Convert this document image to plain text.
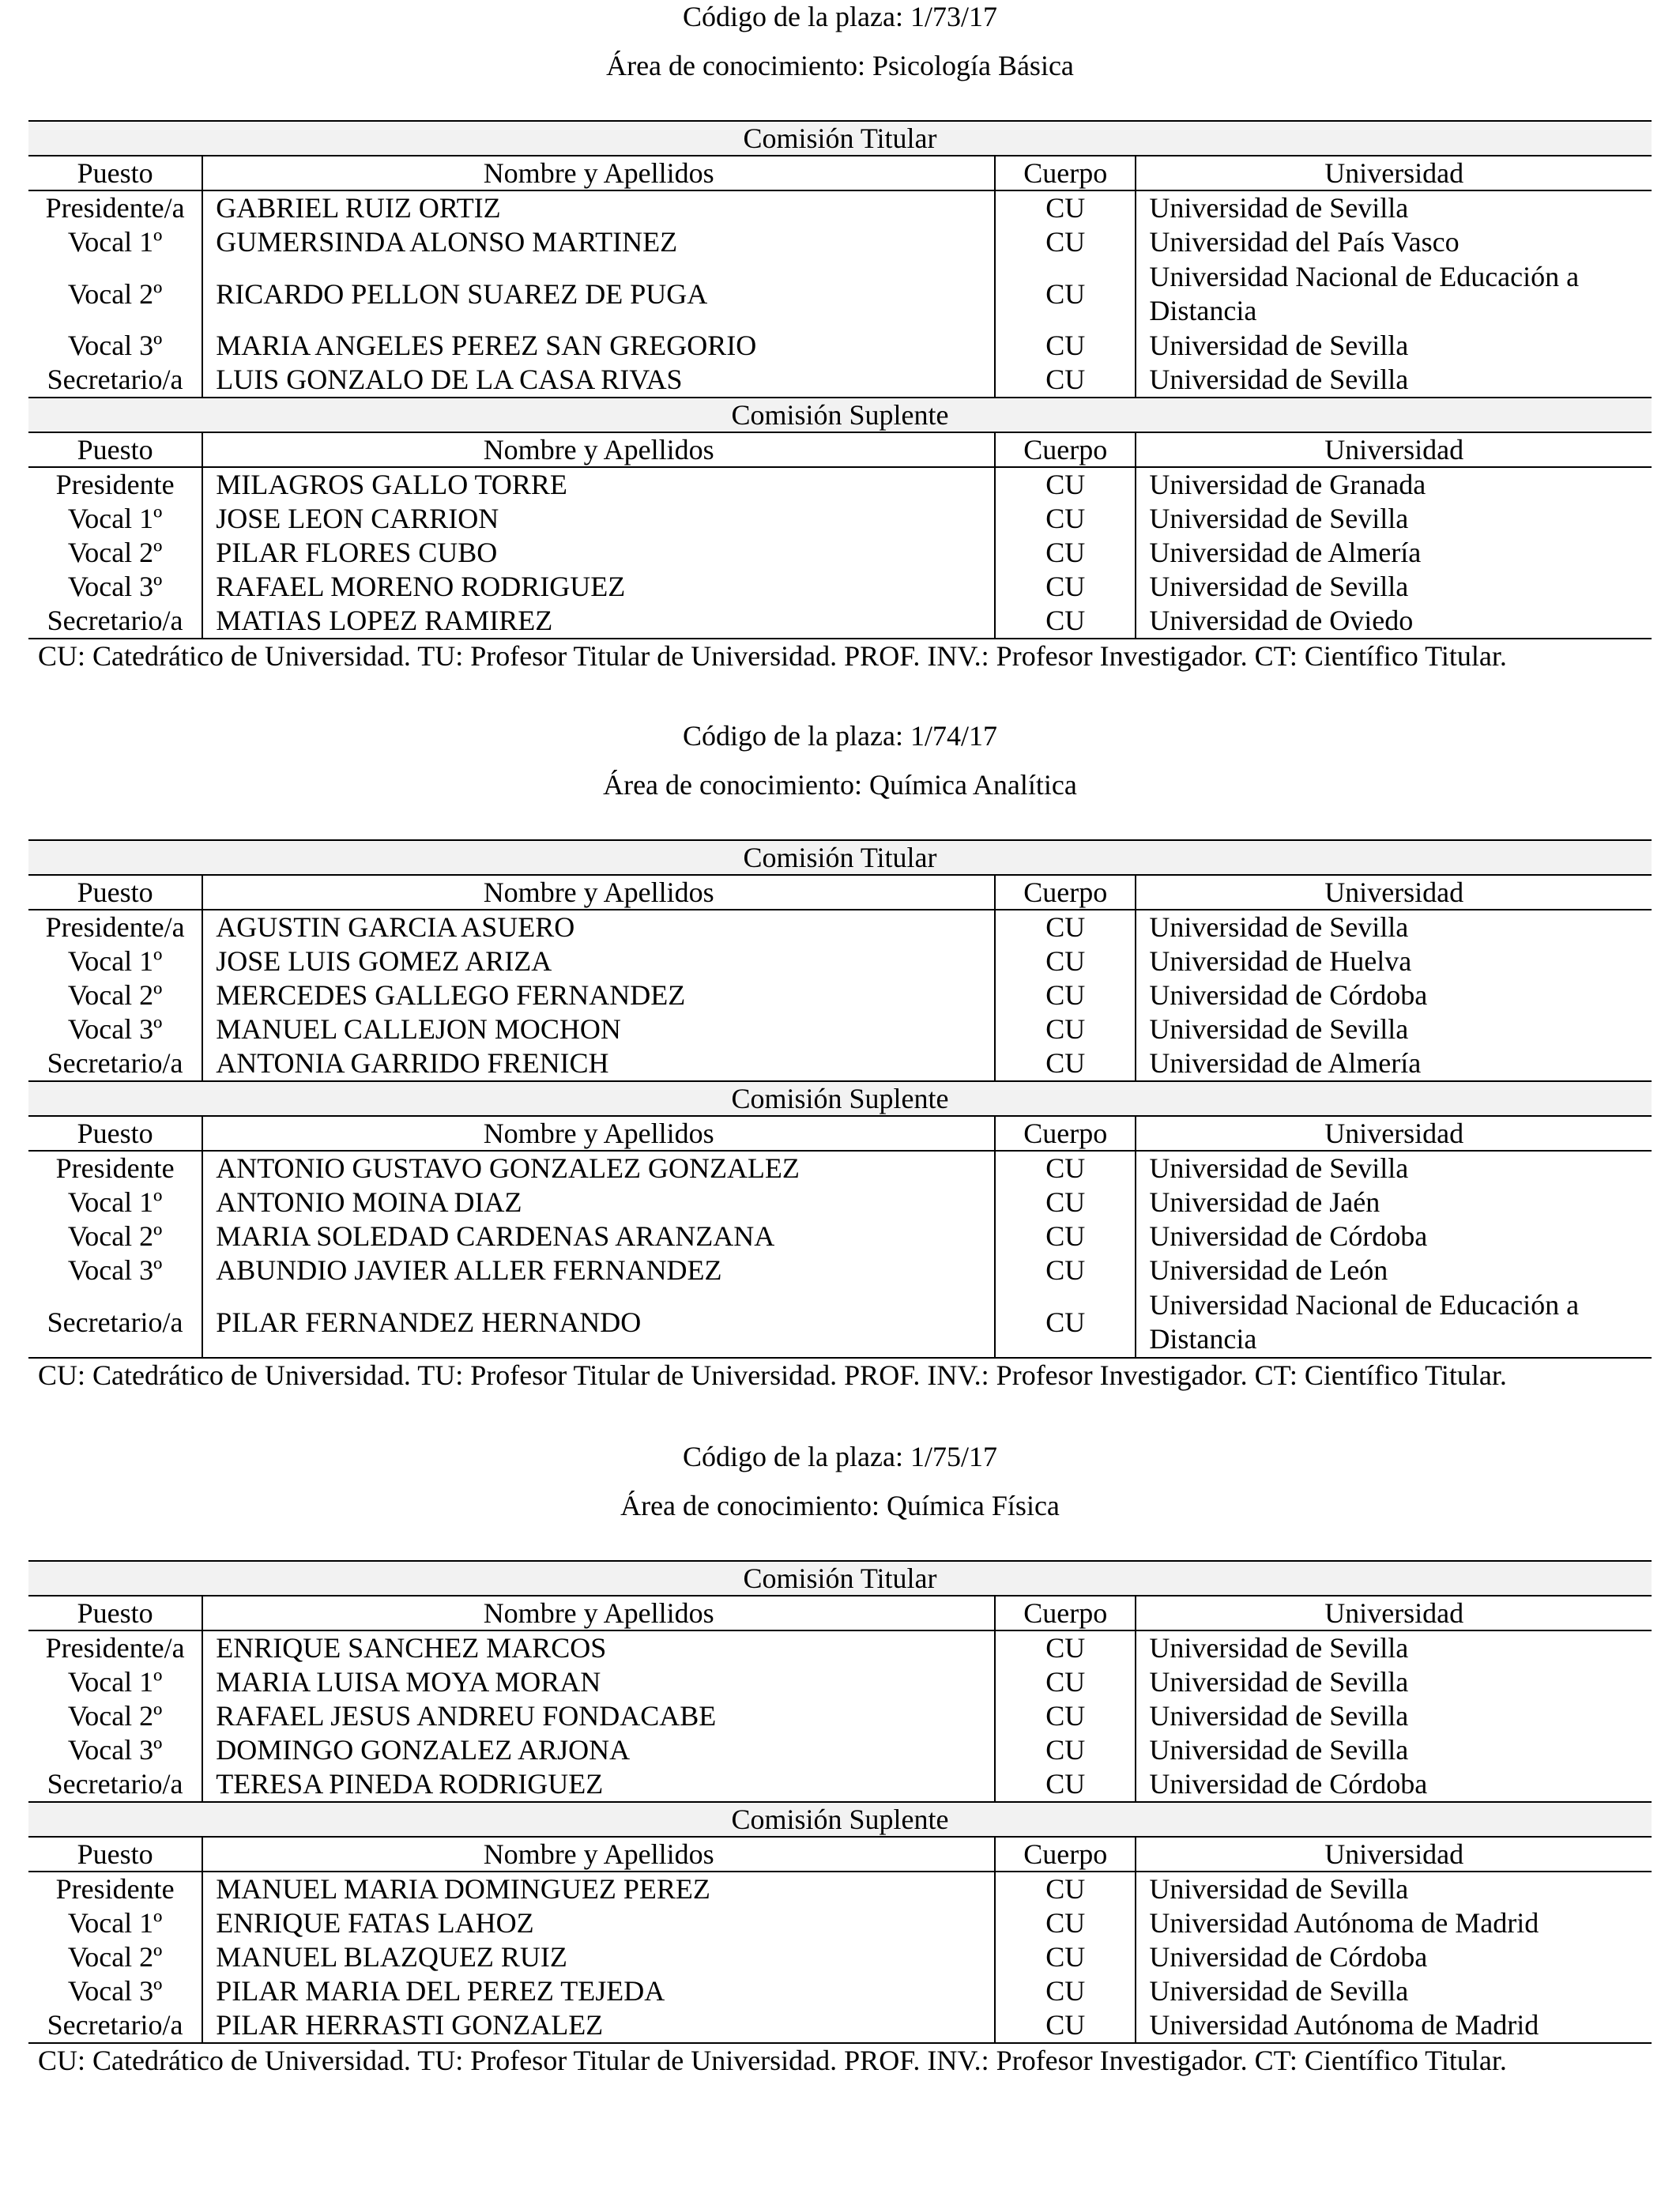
Código de la plaza: 1/73/17
Área de conocimiento: Psicología Básica
Comisión Titular			
Puesto	Nombre y Apellidos	Cuerpo	Universidad
Presidente/a	GABRIEL RUIZ ORTIZ	CU	Universidad de Sevilla
Vocal 1º	GUMERSINDA ALONSO MARTINEZ	CU	Universidad del País Vasco
Vocal 2º	RICARDO PELLON SUAREZ DE PUGA	CU	Universidad Nacional de Educación a Distancia
Vocal 3º	MARIA ANGELES PEREZ SAN GREGORIO	CU	Universidad de Sevilla
Secretario/a	LUIS GONZALO DE LA CASA RIVAS	CU	Universidad de Sevilla
Comisión Suplente			
Puesto	Nombre y Apellidos	Cuerpo	Universidad
Presidente	MILAGROS GALLO TORRE	CU	Universidad de Granada
Vocal 1º	JOSE LEON CARRION	CU	Universidad de Sevilla
Vocal 2º	PILAR FLORES CUBO	CU	Universidad de Almería
Vocal 3º	RAFAEL MORENO RODRIGUEZ	CU	Universidad de Sevilla
Secretario/a	MATIAS LOPEZ RAMIREZ	CU	Universidad de Oviedo
CU: Catedrático de Universidad. TU: Profesor Titular de Universidad. PROF. INV.: Profesor Investigador. CT: Científico Titular.
Código de la plaza: 1/74/17
Área de conocimiento: Química Analítica
Comisión Titular			
Puesto	Nombre y Apellidos	Cuerpo	Universidad
Presidente/a	AGUSTIN GARCIA ASUERO	CU	Universidad de Sevilla
Vocal 1º	JOSE LUIS GOMEZ ARIZA	CU	Universidad de Huelva
Vocal 2º	MERCEDES GALLEGO FERNANDEZ	CU	Universidad de Córdoba
Vocal 3º	MANUEL CALLEJON MOCHON	CU	Universidad de Sevilla
Secretario/a	ANTONIA GARRIDO FRENICH	CU	Universidad de Almería
Comisión Suplente			
Puesto	Nombre y Apellidos	Cuerpo	Universidad
Presidente	ANTONIO GUSTAVO GONZALEZ GONZALEZ	CU	Universidad de Sevilla
Vocal 1º	ANTONIO MOINA DIAZ	CU	Universidad de Jaén
Vocal 2º	MARIA SOLEDAD CARDENAS ARANZANA	CU	Universidad de Córdoba
Vocal 3º	ABUNDIO JAVIER ALLER FERNANDEZ	CU	Universidad de León
Secretario/a	PILAR FERNANDEZ HERNANDO	CU	Universidad Nacional de Educación a Distancia
CU: Catedrático de Universidad. TU: Profesor Titular de Universidad. PROF. INV.: Profesor Investigador. CT: Científico Titular.
Código de la plaza: 1/75/17
Área de conocimiento: Química Física
Comisión Titular			
Puesto	Nombre y Apellidos	Cuerpo	Universidad
Presidente/a	ENRIQUE SANCHEZ MARCOS	CU	Universidad de Sevilla
Vocal 1º	MARIA LUISA MOYA MORAN	CU	Universidad de Sevilla
Vocal 2º	RAFAEL JESUS ANDREU FONDACABE	CU	Universidad de Sevilla
Vocal 3º	DOMINGO GONZALEZ ARJONA	CU	Universidad de Sevilla
Secretario/a	TERESA PINEDA RODRIGUEZ	CU	Universidad de Córdoba
Comisión Suplente			
Puesto	Nombre y Apellidos	Cuerpo	Universidad
Presidente	MANUEL MARIA DOMINGUEZ PEREZ	CU	Universidad de Sevilla
Vocal 1º	ENRIQUE FATAS LAHOZ	CU	Universidad Autónoma de Madrid
Vocal 2º	MANUEL BLAZQUEZ RUIZ	CU	Universidad de Córdoba
Vocal 3º	PILAR MARIA DEL PEREZ TEJEDA	CU	Universidad de Sevilla
Secretario/a	PILAR HERRASTI GONZALEZ	CU	Universidad Autónoma de Madrid
CU: Catedrático de Universidad. TU: Profesor Titular de Universidad. PROF. INV.: Profesor Investigador. CT: Científico Titular.
